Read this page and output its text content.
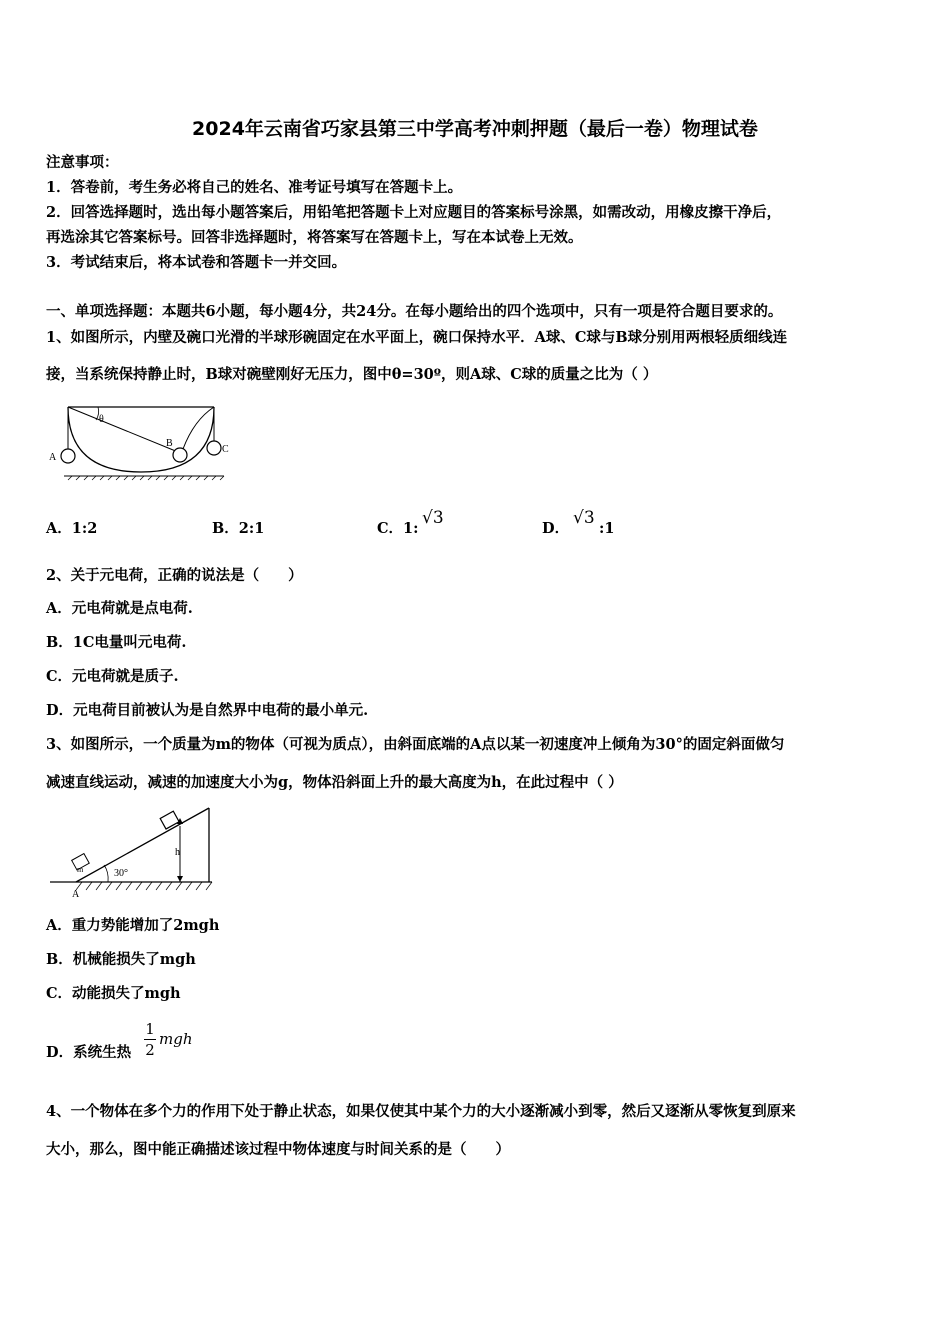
2024年云南省巧家县第三中学高考冲刺押题（最后一卷）物理试卷
注意事项：
1．答卷前，考生务必将自己的姓名、准考证号填写在答题卡上。
2．回答选择题时，选出每小题答案后，用铅笔把答题卡上对应题目的答案标号涂黑，如需改动，用橡皮擦干净后，
再选涂其它答案标号。回答非选择题时，将答案写在答题卡上，写在本试卷上无效。
3．考试结束后，将本试卷和答题卡一并交回。
一、单项选择题：本题共6小题，每小题4分，共24分。在每小题给出的四个选项中，只有一项是符合题目要求的。
1、如图所示，内壁及碗口光滑的半球形碗固定在水平面上，碗口保持水平．A球、C球与B球分别用两根轻质细线连
接，当系统保持静止时，B球对碗壁刚好无压力，图中θ=30º，则A球、C球的质量之比为（ ）
A
B
C
θ
A．1:2	B．2:1	C．1:
√3
D．
√3
:1
2、关于元电荷，正确的说法是（　　）
A．元电荷就是点电荷.
B．1C电量叫元电荷.
C．元电荷就是质子.
D．元电荷目前被认为是自然界中电荷的最小单元.
3、如图所示，一个质量为m的物体（可视为质点），由斜面底端的A点以某一初速度冲上倾角为30°的固定斜面做匀
减速直线运动，减速的加速度大小为g，物体沿斜面上升的最大高度为h，在此过程中（ ）
m	30°
h
A
A．重力势能增加了2mgh
B．机械能损失了mgh
C．动能损失了mgh
D．系统生热
1
2
mgh
4、一个物体在多个力的作用下处于静止状态，如果仅使其中某个力的大小逐渐减小到零，然后又逐渐从零恢复到原来
大小，那么，图中能正确描述该过程中物体速度与时间关系的是（　　）
